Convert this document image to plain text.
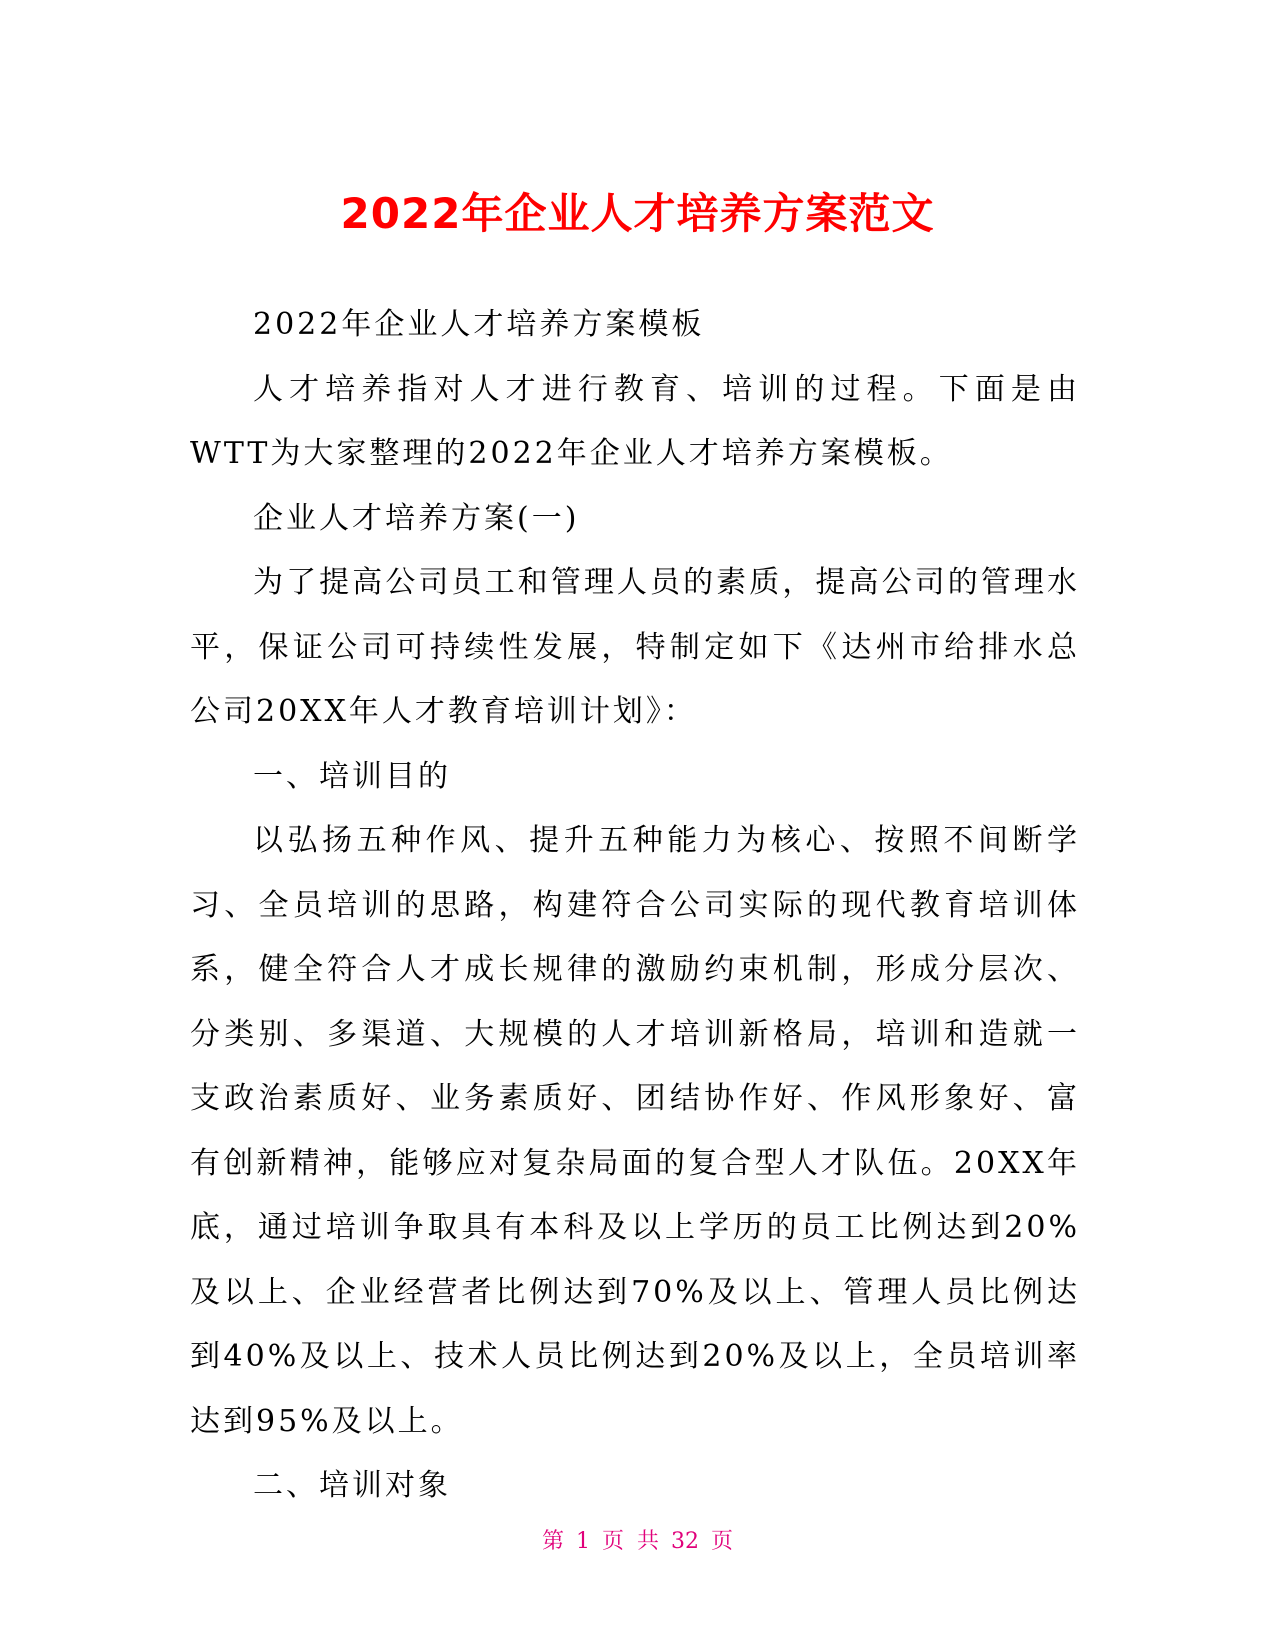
2022年企业人才培养方案范文

2022年企业人才培养方案模板

人才培养指对人才进行教育、培训的过程。下面是由WTT为大家整理的2022年企业人才培养方案模板。

企业人才培养方案(一)

为了提高公司员工和管理人员的素质，提高公司的管理水平，保证公司可持续性发展，特制定如下《达州市给排水总公司20XX年人才教育培训计划》：

一、培训目的

以弘扬五种作风、提升五种能力为核心、按照不间断学习、全员培训的思路，构建符合公司实际的现代教育培训体系，健全符合人才成长规律的激励约束机制，形成分层次、分类别、多渠道、大规模的人才培训新格局，培训和造就一支政治素质好、业务素质好、团结协作好、作风形象好、富有创新精神，能够应对复杂局面的复合型人才队伍。20XX年底，通过培训争取具有本科及以上学历的员工比例达到20%及以上、企业经营者比例达到70%及以上、管理人员比例达到40%及以上、技术人员比例达到20%及以上，全员培训率达到95%及以上。

二、培训对象

第 1 页 共 32 页
